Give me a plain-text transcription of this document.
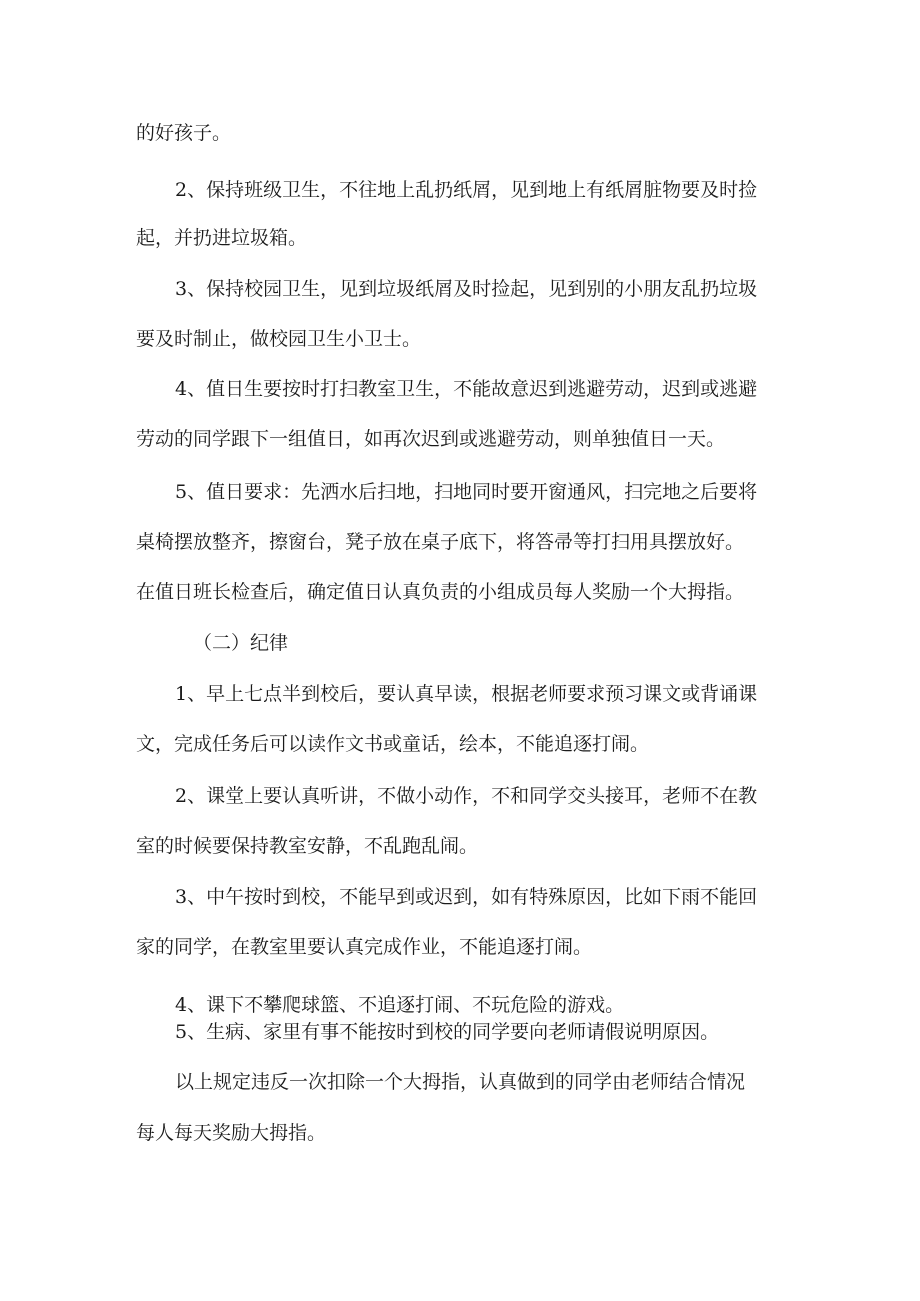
的好孩子。
2、保持班级卫生，不往地上乱扔纸屑，见到地上有纸屑脏物要及时捡
起，并扔进垃圾箱。
3、保持校园卫生，见到垃圾纸屑及时捡起，见到别的小朋友乱扔垃圾
要及时制止，做校园卫生小卫士。
4、值日生要按时打扫教室卫生，不能故意迟到逃避劳动，迟到或逃避
劳动的同学跟下一组值日，如再次迟到或逃避劳动，则单独值日一天。
5、值日要求：先洒水后扫地，扫地同时要开窗通风，扫完地之后要将
桌椅摆放整齐，擦窗台，凳子放在桌子底下，将答帚等打扫用具摆放好。
在值日班长检查后，确定值日认真负责的小组成员每人奖励一个大拇指。
（二）纪律
1、早上七点半到校后，要认真早读，根据老师要求预习课文或背诵课
文，完成任务后可以读作文书或童话，绘本，不能追逐打闹。
2、课堂上要认真听讲，不做小动作，不和同学交头接耳，老师不在教
室的时候要保持教室安静，不乱跑乱闹。
3、中午按时到校，不能早到或迟到，如有特殊原因，比如下雨不能回
家的同学，在教室里要认真完成作业，不能追逐打闹。
4、课下不攀爬球篮、不追逐打闹、不玩危险的游戏。
5、生病、家里有事不能按时到校的同学要向老师请假说明原因。
以上规定违反一次扣除一个大拇指，认真做到的同学由老师结合情况
每人每天奖励大拇指。
